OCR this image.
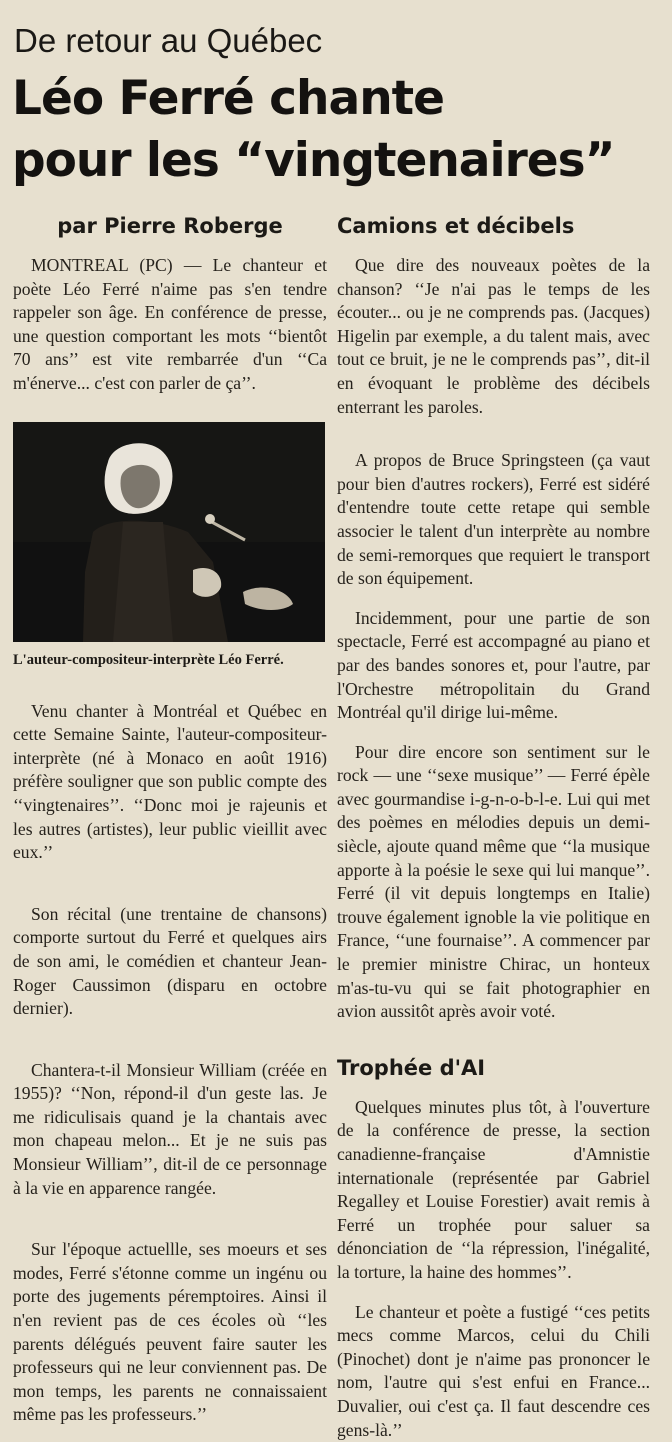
De retour au Québec
Léo Ferré chante
pour les “vingtenaires”
par Pierre Roberge

MONTREAL (PC) — Le chanteur et poète Léo Ferré n'aime pas s'en tendre rappeler son âge. En conférence de presse, une question comportant les mots ‘‘bientôt 70 ans’’ est vite rembarrée d'un ‘‘Ca m'énerve... c'est con parler de ça’’.

L'auteur-compositeur-interprète Léo Ferré.

Venu chanter à Montréal et Québec en cette Semaine Sainte, l'auteur-compositeur-interprète (né à Monaco en août 1916) préfère souligner que son public compte des ‘‘vingtenaires’’. ‘‘Donc moi je rajeunis et les autres (artistes), leur public vieillit avec eux.’’

Son récital (une trentaine de chansons) comporte surtout du Ferré et quelques airs de son ami, le comédien et chanteur Jean-Roger Caussimon (disparu en octobre dernier).

Chantera-t-il Monsieur William (créée en 1955)? ‘‘Non, répond-il d'un geste las. Je me ridiculisais quand je la chantais avec mon chapeau melon... Et je ne suis pas Monsieur William’’, dit-il de ce personnage à la vie en apparence rangée.

Sur l'époque actuellle, ses moeurs et ses modes, Ferré s'étonne comme un ingénu ou porte des jugements péremptoires. Ainsi il n'en revient pas de ces écoles où ‘‘les parents délégués peuvent faire sauter les professeurs qui ne leur conviennent pas. De mon temps, les parents ne connaissaient même pas les professeurs.’’

Camions et décibels

Que dire des nouveaux poètes de la chanson? ‘‘Je n'ai pas le temps de les écouter... ou je ne comprends pas. (Jacques) Higelin par exemple, a du talent mais, avec tout ce bruit, je ne le comprends pas’’, dit-il en évoquant le problème des décibels enterrant les paroles.

A propos de Bruce Springsteen (ça vaut pour bien d'autres rockers), Ferré est sidéré d'entendre toute cette retape qui semble associer le talent d'un interprète au nombre de semi-remorques que requiert le transport de son équipement.

Incidemment, pour une partie de son spectacle, Ferré est accompagné au piano et par des bandes sonores et, pour l'autre, par l'Orchestre métropolitain du Grand Montréal qu'il dirige lui-même.

Pour dire encore son sentiment sur le rock — une ‘‘sexe musique’’ — Ferré épèle avec gourmandise i-g-n-o-b-l-e. Lui qui met des poèmes en mélodies depuis un demi-siècle, ajoute quand même que ‘‘la musique apporte à la poésie le sexe qui lui manque’’. Ferré (il vit depuis longtemps en Italie) trouve également ignoble la vie politique en France, ‘‘une fournaise’’. A commencer par le premier ministre Chirac, un honteux m'as-tu-vu qui se fait photographier en avion aussitôt après avoir voté.

Trophée d'AI

Quelques minutes plus tôt, à l'ouverture de la conférence de presse, la section canadienne-française d'Amnistie internationale (représentée par Gabriel Regalley et Louise Forestier) avait remis à Ferré un trophée pour saluer sa dénonciation de ‘‘la répression, l'inégalité, la torture, la haine des hommes’’.

Le chanteur et poète a fustigé ‘‘ces petits mecs comme Marcos, celui du Chili (Pinochet) dont je n'aime pas prononcer le nom, l'autre qui s'est enfui en France... Duvalier, oui c'est ça. Il faut descendre ces gens-là.’’
